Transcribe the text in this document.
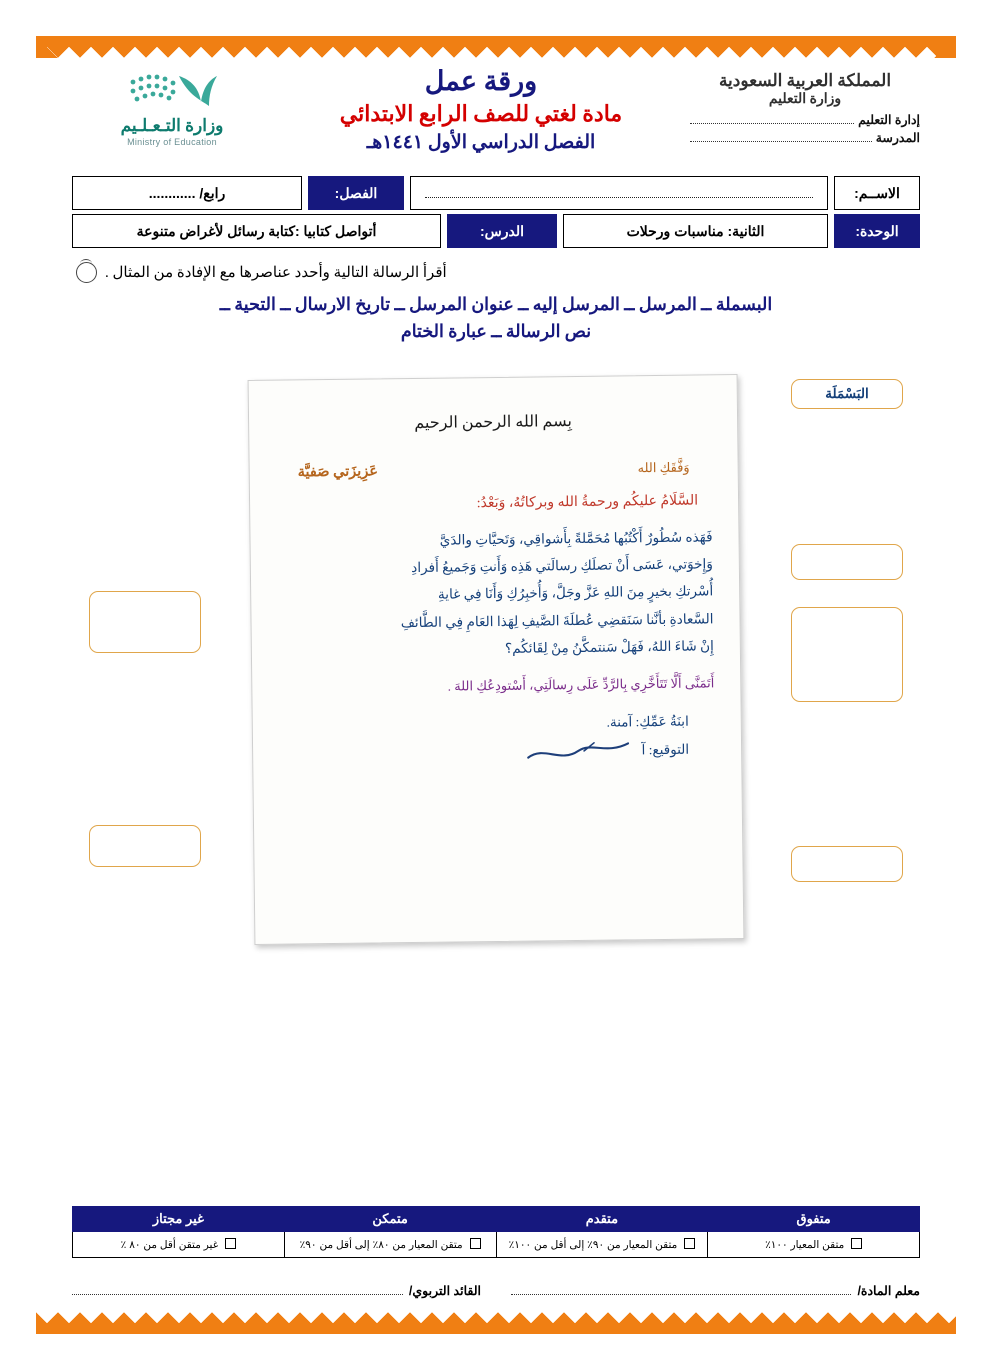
المملكة العربية السعودية
وزارة التعليم
إدارة التعليم
المدرسة
ورقة عمل
مادة لغتي للصف الرابع الابتدائي
الفصل الدراسي الأول ١٤٤١هـ
وزارة التـعـلـيم
Ministry of Education
الاســم:
الفصل:
رابع/ ............
الوحدة:
الثانية: مناسبات ورحلات
الدرس:
أتواصل كتابيا :كتابة رسائل لأغراض متنوعة
أقرأ الرسالة التالية وأحدد عناصرها مع الإفادة من المثال .
البسملة ــ المرسل ــ المرسل إليه ــ عنوان المرسل ــ تاريخ الارسال ــ التحية ــ
نص الرسالة ــ عبارة الختام
البَسْمَلَة
بِسم الله الرحمن الرحيم
وَفَّقَكِ الله
عَزِيزَتي صَفيَّة
السَّلَامُ عليكُم ورحمةُ الله وبركاتُهُ، وَبَعْدُ:
فَهَذه سُطُورٌ أَكْتُبُها مُحَمَّلةً بِأَشواقِي، وَتَحيَّاتِ والدَيَّ
وَإِخوَتي، عَسَى أَنْ تصلَكِ رسالَتي هَذِه وَأَنتِ وَجَميعُ أَفرادِ
أُسْرتكِ بخيرٍ مِنَ اللهِ عَزَّ وجَلَّ، وَأُخبِرُكِ وَأَنَا فِي غايةِ
السَّعادةِ بأنَّنا سَنَقضِي عُطلَةَ الصَّيفِ لِهَذا العَامِ فِي الطَّائفِ
إِنْ شَاءَ اللهُ، فَهَلْ سَنتمكَّنُ مِنْ لِقَائكُم؟
أَتَمَنَّى أَلَّا تَتَأَخَّرِي بِالرَّدِّ عَلَى رِسالَتِي، أَسْتودِعُكِ اللهَ .
ابنَةُ عَمِّكِ: آمنة.
التوقيع: آ
متفوق	متقدم	متمكن	غير مجتاز
متقن المعيار ١٠٠٪	متقن المعيار من ٩٠٪ إلى أقل من ١٠٠٪	متقن المعيار من ٨٠٪ إلى أقل من ٩٠٪	غير متقن أقل من ٨٠ ٪
معلم المادة/
القائد التربوي/
